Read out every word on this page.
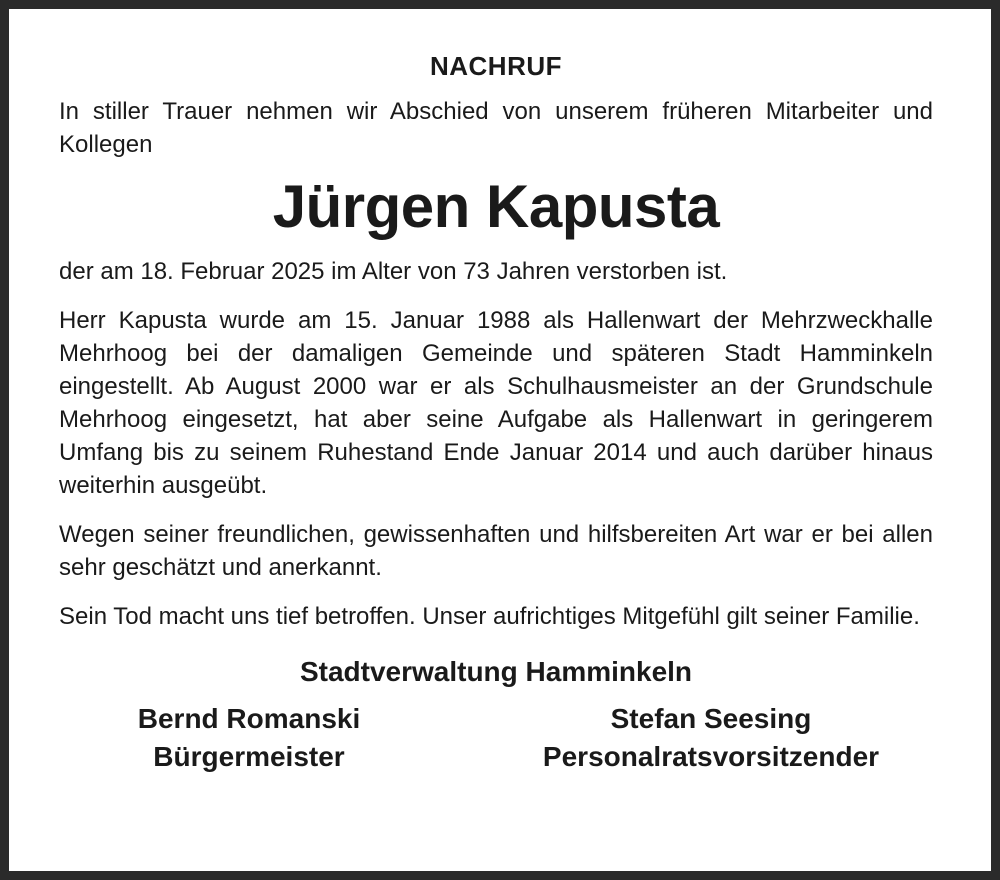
NACHRUF

In stiller Trauer nehmen wir Abschied von unserem früheren Mitarbeiter und Kollegen

Jürgen Kapusta

der am 18. Februar 2025 im Alter von 73 Jahren verstorben ist.

Herr Kapusta wurde am 15. Januar 1988 als Hallenwart der Mehrzweckhalle Mehrhoog bei der damaligen Gemeinde und späteren Stadt Hamminkeln eingestellt. Ab August 2000 war er als Schulhausmeister an der Grundschule Mehrhoog eingesetzt, hat aber seine Aufgabe als Hallenwart in geringerem Umfang bis zu seinem Ruhestand Ende Januar 2014 und auch darüber hinaus weiterhin ausgeübt.

Wegen seiner freundlichen, gewissenhaften und hilfsbereiten Art war er bei allen sehr geschätzt und anerkannt.

Sein Tod macht uns tief betroffen. Unser aufrichtiges Mitgefühl gilt seiner Familie.

Stadtverwaltung Hamminkeln
Bernd Romanski
Bürgermeister
Stefan Seesing
Personalratsvorsitzender
